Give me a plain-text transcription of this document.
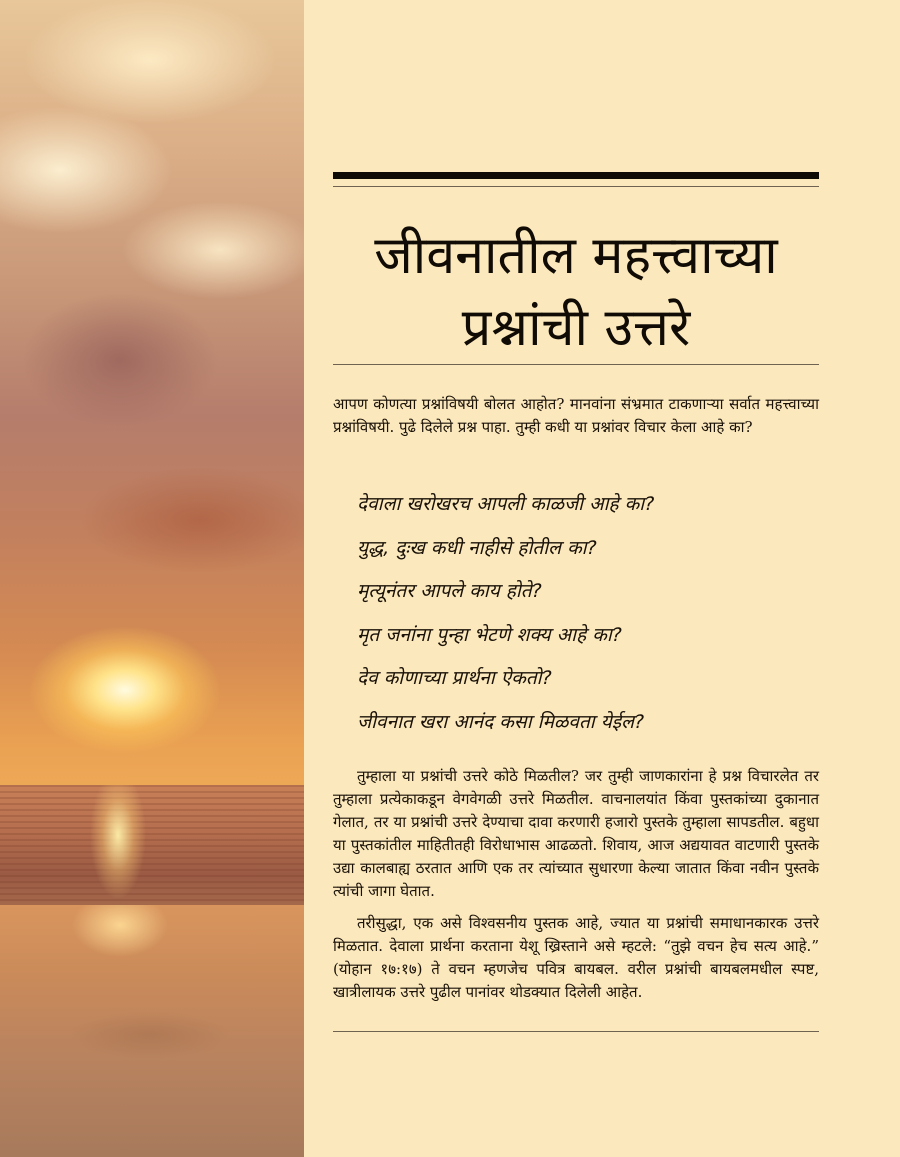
जीवनातील महत्त्वाच्या
प्रश्नांची उत्तरे

आपण कोणत्या प्रश्नांविषयी बोलत आहोत? मानवांना संभ्रमात टाकणाऱ्या सर्वात महत्त्वाच्या प्रश्नांविषयी. पुढे दिलेले प्रश्न पाहा. तुम्ही कधी या प्रश्नांवर विचार केला आहे का?

देवाला खरोखरच आपली काळजी आहे का?
युद्ध, दुःख कधी नाहीसे होतील का?
मृत्यूनंतर आपले काय होते?
मृत जनांना पुन्हा भेटणे शक्य आहे का?
देव कोणाच्या प्रार्थना ऐकतो?
जीवनात खरा आनंद कसा मिळवता येईल?

तुम्हाला या प्रश्नांची उत्तरे कोठे मिळतील? जर तुम्ही जाणकारांना हे प्रश्न विचारलेत तर तुम्हाला प्रत्येकाकडून वेगवेगळी उत्तरे मिळतील. वाचनालयांत किंवा पुस्तकांच्या दुकानात गेलात, तर या प्रश्नांची उत्तरे देण्याचा दावा करणारी हजारो पुस्तके तुम्हाला सापडतील. बहुधा या पुस्तकांतील माहितीतही विरोधाभास आढळतो. शिवाय, आज अद्ययावत वाटणारी पुस्तके उद्या कालबाह्य ठरतात आणि एक तर त्यांच्यात सुधारणा केल्या जातात किंवा नवीन पुस्तके त्यांची जागा घेतात.

तरीसुद्धा, एक असे विश्वसनीय पुस्तक आहे, ज्यात या प्रश्नांची समाधानकारक उत्तरे मिळतात. देवाला प्रार्थना करताना येशू ख्रिस्ताने असे म्हटले: “तुझे वचन हेच सत्य आहे.” (योहान १७:१७) ते वचन म्हणजेच पवित्र बायबल. वरील प्रश्नांची बायबलमधील स्पष्ट, खात्रीलायक उत्तरे पुढील पानांवर थोडक्यात दिलेली आहेत.
